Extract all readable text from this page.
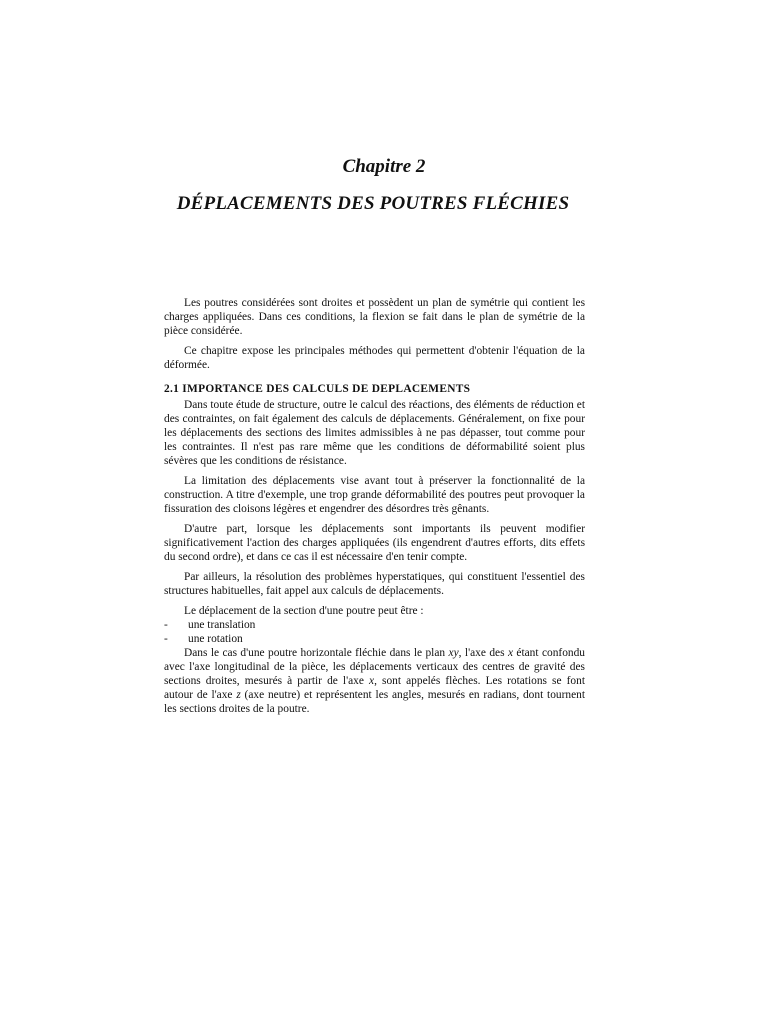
Chapitre 2
DÉPLACEMENTS DES POUTRES FLÉCHIES

Les poutres considérées sont droites et possèdent un plan de symétrie qui contient les charges appliquées. Dans ces conditions, la flexion se fait dans le plan de symétrie de la pièce considérée.

Ce chapitre expose les principales méthodes qui permettent d'obtenir l'équation de la déformée.

2.1 IMPORTANCE DES CALCULS DE DEPLACEMENTS

Dans toute étude de structure, outre le calcul des réactions, des éléments de réduction et des contraintes, on fait également des calculs de déplacements. Généralement, on fixe pour les déplacements des sections des limites admissibles à ne pas dépasser, tout comme pour les contraintes. Il n'est pas rare même que les conditions de déformabilité soient plus sévères que les conditions de résistance.

La limitation des déplacements vise avant tout à préserver la fonctionnalité de la construction. A titre d'exemple, une trop grande déformabilité des poutres peut provoquer la fissuration des cloisons légères et engendrer des désordres très gênants.

D'autre part, lorsque les déplacements sont importants ils peuvent modifier significativement l'action des charges appliquées (ils engendrent d'autres efforts, dits effets du second ordre), et dans ce cas il est nécessaire d'en tenir compte.

Par ailleurs, la résolution des problèmes hyperstatiques, qui constituent l'essentiel des structures habituelles, fait appel aux calculs de déplacements.

Le déplacement de la section d'une poutre peut être :

- une translation
- une rotation

Dans le cas d'une poutre horizontale fléchie dans le plan xy, l'axe des x étant confondu avec l'axe longitudinal de la pièce, les déplacements verticaux des centres de gravité des sections droites, mesurés à partir de l'axe x, sont appelés flèches. Les rotations se font autour de l'axe z (axe neutre) et représentent les angles, mesurés en radians, dont tournent les sections droites de la poutre.
